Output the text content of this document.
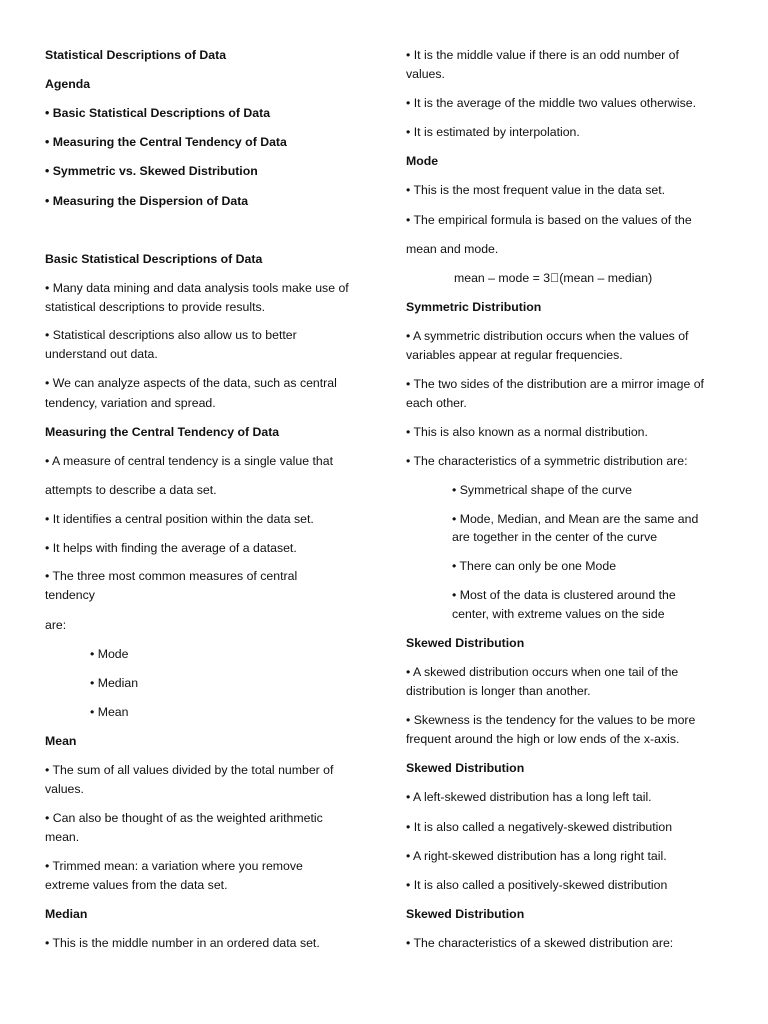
Statistical Descriptions of Data
Agenda
• Basic Statistical Descriptions of Data
• Measuring the Central Tendency of Data
• Symmetric vs. Skewed Distribution
• Measuring the Dispersion of Data
Basic Statistical Descriptions of Data
• Many data mining and data analysis tools make use of
statistical descriptions to provide results.
• Statistical descriptions also allow us to better
understand out data.
• We can analyze aspects of the data, such as central
tendency, variation and spread.
Measuring the Central Tendency of Data
• A measure of central tendency is a single value that
attempts to describe a data set.
• It identifies a central position within the data set.
• It helps with finding the average of a dataset.
• The three most common measures of central
tendency
are:
• Mode
• Median
• Mean
Mean
• The sum of all values divided by the total number of
values.
• Can also be thought of as the weighted arithmetic
mean.
• Trimmed mean: a variation where you remove
extreme values from the data set.
Median
• This is the middle number in an ordered data set.
• It is the middle value if there is an odd number of
values.
• It is the average of the middle two values otherwise.
• It is estimated by interpolation.
Mode
• This is the most frequent value in the data set.
• The empirical formula is based on the values of the
mean and mode.
mean – mode = 3 (mean – median)
Symmetric Distribution
• A symmetric distribution occurs when the values of
variables appear at regular frequencies.
• The two sides of the distribution are a mirror image of
each other.
• This is also known as a normal distribution.
• The characteristics of a symmetric distribution are:
• Symmetrical shape of the curve
• Mode, Median, and Mean are the same and
are together in the center of the curve
• There can only be one Mode
• Most of the data is clustered around the
center, with extreme values on the side
Skewed Distribution
• A skewed distribution occurs when one tail of the
distribution is longer than another.
• Skewness is the tendency for the values to be more
frequent around the high or low ends of the x-axis.
Skewed Distribution
• A left-skewed distribution has a long left tail.
• It is also called a negatively-skewed distribution
• A right-skewed distribution has a long right tail.
• It is also called a positively-skewed distribution
Skewed Distribution
• The characteristics of a skewed distribution are:
